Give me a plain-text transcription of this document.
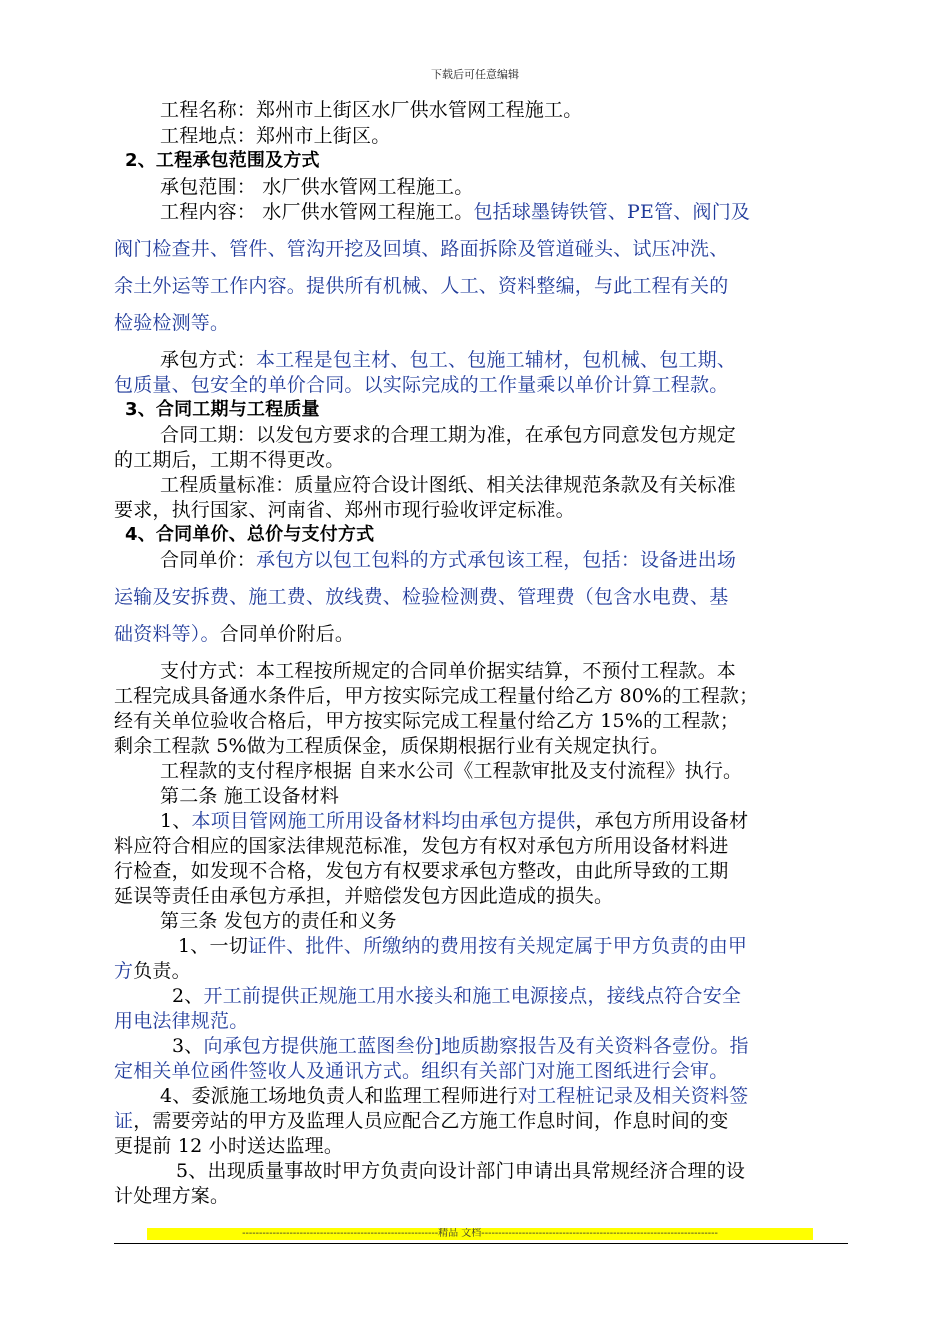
下载后可任意编辑
工程名称：郑州市上街区水厂供水管网工程施工。
工程地点：郑州市上街区。
2、工程承包范围及方式
承包范围： 水厂供水管网工程施工。
工程内容： 水厂供水管网工程施工。包括球墨铸铁管、PE管、阀门及
阀门检查井、管件、管沟开挖及回填、路面拆除及管道碰头、试压冲洗、
余土外运等工作内容。提供所有机械、人工、资料整编，与此工程有关的
检验检测等。
承包方式：本工程是包主材、包工、包施工辅材，包机械、包工期、
包质量、包安全的单价合同。以实际完成的工作量乘以单价计算工程款。
3、合同工期与工程质量
合同工期：以发包方要求的合理工期为准，在承包方同意发包方规定
的工期后，工期不得更改。
工程质量标准：质量应符合设计图纸、相关法律规范条款及有关标准
要求，执行国家、河南省、郑州市现行验收评定标准。
4、合同单价、总价与支付方式
合同单价：承包方以包工包料的方式承包该工程，包括：设备进出场
运输及安拆费、施工费、放线费、检验检测费、管理费（包含水电费、基
础资料等）。合同单价附后。
支付方式：本工程按所规定的合同单价据实结算，不预付工程款。本
工程完成具备通水条件后，甲方按实际完成工程量付给乙方 80%的工程款；
经有关单位验收合格后，甲方按实际完成工程量付给乙方 15%的工程款；
剩余工程款 5%做为工程质保金，质保期根据行业有关规定执行。
工程款的支付程序根据 自来水公司《工程款审批及支付流程》执行。
第二条 施工设备材料
1、本项目管网施工所用设备材料均由承包方提供，承包方所用设备材
料应符合相应的国家法律规范标准，发包方有权对承包方所用设备材料进
行检查，如发现不合格，发包方有权要求承包方整改，由此所导致的工期
延误等责任由承包方承担，并赔偿发包方因此造成的损失。
第三条 发包方的责任和义务
1、一切证件、批件、所缴纳的费用按有关规定属于甲方负责的由甲
方负责。
2、开工前提供正规施工用水接头和施工电源接点，接线点符合安全
用电法律规范。
3、向承包方提供施工蓝图叁份]地质勘察报告及有关资料各壹份。指
定相关单位函件签收人及通讯方式。组织有关部门对施工图纸进行会审。
4、委派施工场地负责人和监理工程师进行对工程桩记录及相关资料签
证，需要旁站的甲方及监理人员应配合乙方施工作息时间，作息时间的变
更提前 12 小时送达监理。
5、出现质量事故时甲方负责向设计部门申请出具常规经济合理的设
计处理方案。
----------------------------------------------------------精品 文档----------------------------------------------------------------------
